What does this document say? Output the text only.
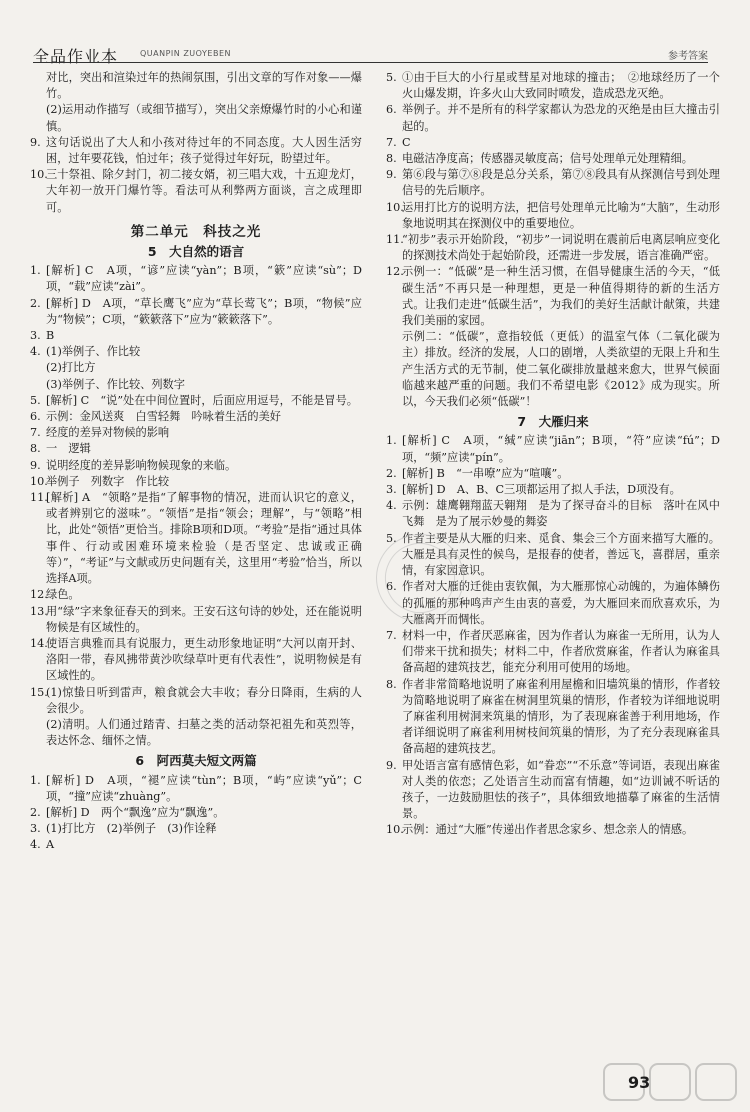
全品作业本	QUANPIN ZUOYEBEN	参考答案
对比，突出和渲染过年的热闹氛围，引出文章的写作对象——爆竹。
(2)运用动作描写（或细节描写），突出父亲燎爆竹时的小心和谨慎。
9. 这句话说出了大人和小孩对待过年的不同态度。大人因生活穷困，过年要花钱，怕过年；孩子觉得过年好玩，盼望过年。
10.
三十祭祖、除夕封门，初二接女婿，初三唱大戏，十五迎龙灯，大年初一放开门爆竹等。看法可从利弊两方面谈，言之成理即可。
第二单元　科技之光
5　大自然的语言
1. [解析] C　A项，“谚”应读“yàn”；B项，“簌”应读“sù”；D项，“载”应读“zài”。
2. [解析] D　A项，“草长鹰飞”应为“草长莺飞”；B项，“物候”应为“物候”；C项，“簌簌落下”应为“簌簌落下”。
3. B
4. (1)举例子、作比较
(2)打比方
(3)举例子、作比较、列数字
5. [解析] C　“说”处在中间位置时，后面应用逗号，不能是冒号。
6. 示例：金风送爽　白雪轻舞　吟咏着生活的美好
7. 经度的差异对物候的影响
8. 一　逻辑
9. 说明经度的差异影响物候现象的来临。
10.
举例子　列数字　作比较
11.
[解析] A　“领略”是指“了解事物的情况，进而认识它的意义，或者辨别它的滋味”。“领悟”是指“领会；理解”，与“领略”相比，此处“领悟”更恰当。排除B项和D项。“考验”是指“通过具体事件、行动或困难环境来检验（是否坚定、忠诚或正确等）”，“考证”与文献或历史问题有关，这里用“考验”恰当，所以选择A项。
12.
绿色。
13.
用“绿”字来象征春天的到来。王安石这句诗的妙处，还在能说明物候是有区域性的。
14.
使语言典雅而具有说服力，更生动形象地证明“大河以南开封、洛阳一带，春风拂带黄沙吹绿草叶更有代表性”，说明物候是有区域性的。
15.
(1)惊蛰日听到雷声，粮食就会大丰收；春分日降雨，生病的人会很少。
(2)清明。人们通过踏青、扫墓之类的活动祭祀祖先和英烈等，表达怀念、缅怀之情。
6　阿西莫夫短文两篇
1. [解析] D　A项，“褪”应读“tùn”；B项，“屿”应读“yǔ”；C项，“撞”应读“zhuàng”。
2. [解析] D　两个“飘逸”应为“飘逸”。
3. (1)打比方　(2)举例子　(3)作诠释
4. A
5. ①由于巨大的小行星或彗星对地球的撞击；　②地球经历了一个火山爆发期，许多火山大致同时喷发，造成恐龙灭绝。
6. 举例子。并不是所有的科学家都认为恐龙的灭绝是由巨大撞击引起的。
7. C
8. 电磁洁净度高；传感器灵敏度高；信号处理单元处理精细。
9. 第⑥段与第⑦⑧段是总分关系，第⑦⑧段具有从探测信号到处理信号的先后顺序。
10.
运用打比方的说明方法，把信号处理单元比喻为“大脑”，生动形象地说明其在探测仪中的重要地位。
11.
“初步”表示开始阶段，“初步”一词说明在震前后电离层响应变化的探测技术尚处于起始阶段，还需进一步发展，语言准确严密。
12.
示例一：“低碳”是一种生活习惯，在倡导健康生活的今天，“低碳生活”不再只是一种理想，更是一种值得期待的新的生活方式。让我们走进“低碳生活”，为我们的美好生活献计献策，共建我们美丽的家园。
示例二：“低碳”，意指较低（更低）的温室气体（二氧化碳为主）排放。经济的发展，人口的剧增，人类欲望的无限上升和生产生活方式的无节制，使二氧化碳排放量越来愈大，世界气候面临越来越严重的问题。我们不希望电影《2012》成为现实。所以，今天我们必须“低碳”！
7　大雁归来
1. [解析] C　A项，“缄”应读“jiān”；B项，“符”应读“fú”；D项，“频”应读“pín”。
2. [解析] B　“一串嘹”应为“喧嚷”。
3. [解析] D　A、B、C三项都运用了拟人手法，D项没有。
4. 示例：雄鹰翱翔蓝天翱翔　是为了探寻奋斗的目标　落叶在风中飞舞　是为了展示妙曼的舞姿
5. 作者主要是从大雁的归来、觅食、集会三个方面来描写大雁的。大雁是具有灵性的候鸟，是报春的使者，善远飞，喜群居，重亲情，有家园意识。
6. 作者对大雁的迁徙由衷钦佩，为大雁那惊心动魄的，为遍体鳞伤的孤雁的那种鸣声产生由衷的喜爱，为大雁回来而欣喜欢乐，为大雁离开而惆怅。
7. 材料一中，作者厌恶麻雀，因为作者认为麻雀一无所用，认为人们带来干扰和损失；材料二中，作者欣赏麻雀，作者认为麻雀具备高超的建筑技艺，能充分利用可使用的场地。
8. 作者非常简略地说明了麻雀利用屋檐和旧墙筑巢的情形，作者较为简略地说明了麻雀在树洞里筑巢的情形，作者较为详细地说明了麻雀利用树洞来筑巢的情形，为了表现麻雀善于利用地场，作者详细说明了麻雀利用树枝间筑巢的情形，为了充分表现麻雀具备高超的建筑技艺。
9. 甲处语言富有感情色彩，如“眷恋”“不乐意”等词语，表现出麻雀对人类的依恋；乙处语言生动而富有情趣，如“边训诫不听话的孩子，一边鼓励胆怯的孩子”，具体细致地描摹了麻雀的生活情景。
10.
示例：通过“大雁”传递出作者思念家乡、想念亲人的情感。
93
